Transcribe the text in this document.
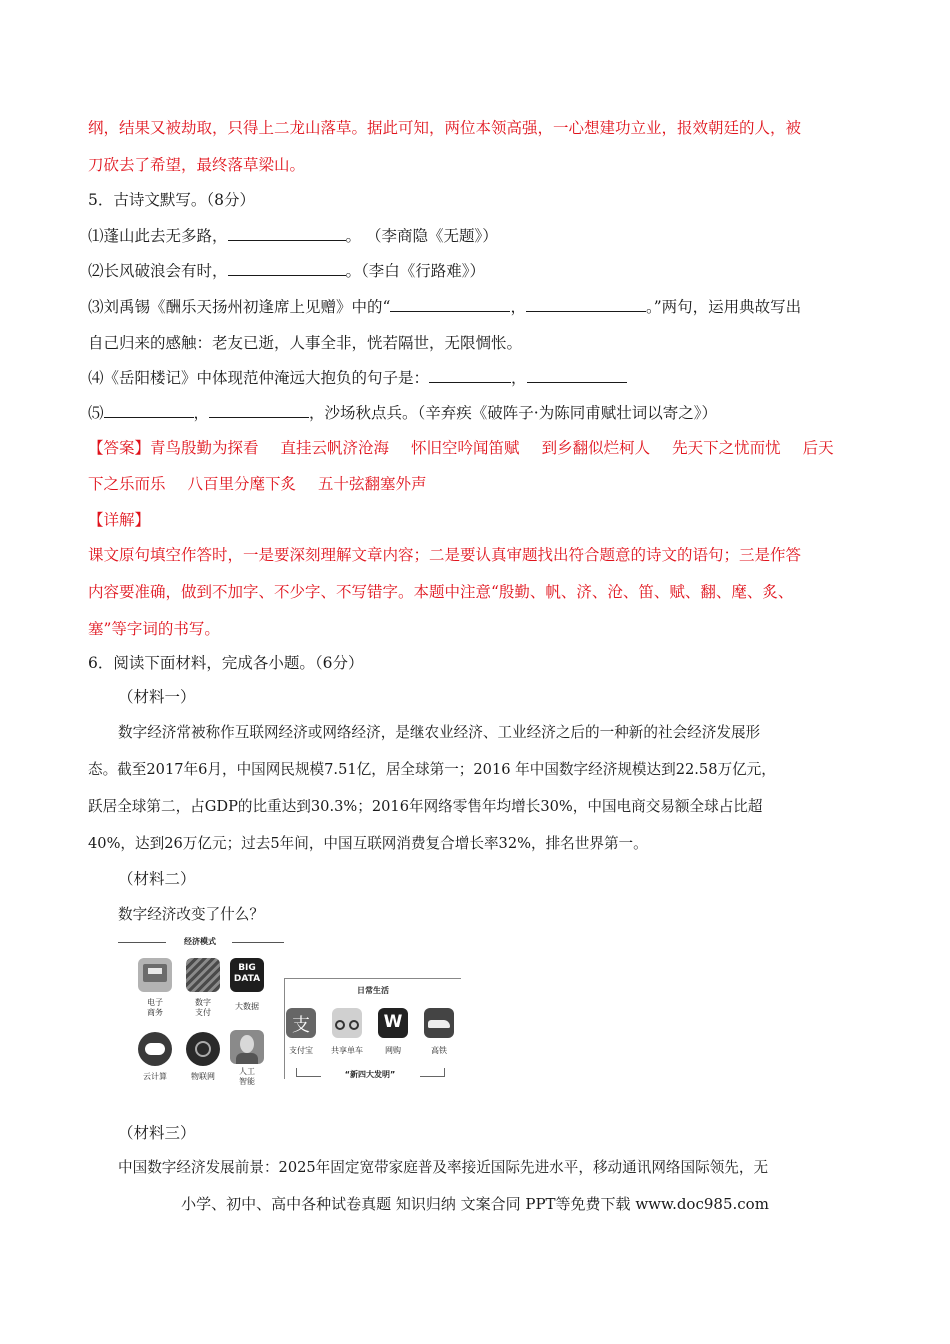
纲，结果又被劫取，只得上二龙山落草。据此可知，两位本领高强，一心想建功立业，报效朝廷的人，被
刀砍去了希望，最终落草梁山。
5．古诗文默写。（8分）
⑴蓬山此去无多路，	。 （李商隐《无题》）
⑵长风破浪会有时，	。（李白《行路难》）
⑶刘禹锡《酬乐天扬州初逢席上见赠》中的“	，	。”两句，运用典故写出
自己归来的感触：老友已逝，人事全非，恍若隔世，无限惆怅。
⑷《岳阳楼记》中体现范仲淹远大抱负的句子是：	，
⑸	，	，沙场秋点兵。（辛弃疾《破阵子·为陈同甫赋壮词以寄之》）
【答案】青鸟殷勤为探看 直挂云帆济沧海 怀旧空吟闻笛赋 到乡翻似烂柯人 先天下之忧而忧 后天
下之乐而乐 八百里分麾下炙 五十弦翻塞外声
【详解】
课文原句填空作答时，一是要深刻理解文章内容；二是要认真审题找出符合题意的诗文的语句；三是作答
内容要准确，做到不加字、不少字、不写错字。本题中注意“殷勤、帆、济、沧、笛、赋、翻、麾、炙、
塞”等字词的书写。
6．阅读下面材料，完成各小题。（6分）
（材料一）
数字经济常被称作互联网经济或网络经济，是继农业经济、工业经济之后的一种新的社会经济发展形
态。截至2017年6月，中国网民规模7.51亿，居全球第一；2016 年中国数字经济规模达到22.58万亿元，
跃居全球第二，占GDP的比重达到30.3%；2016年网络零售年均增长30%，中国电商交易额全球占比超
40%，达到26万亿元；过去5年间，中国互联网消费复合增长率32%，排名世界第一。
（材料二）
数字经济改变了什么？
经济模式
BIG
DATA
电子
商务
数字
支付
大数据
云计算	物联网
人工
智能
日常生活
支	W
支付宝	共享单车	网购	高铁
“新四大发明”
（材料三）
中国数字经济发展前景：2025年固定宽带家庭普及率接近国际先进水平，移动通讯网络国际领先，无
小学、初中、高中各种试卷真题 知识归纳 文案合同 PPT等免费下载 www.doc985.com
